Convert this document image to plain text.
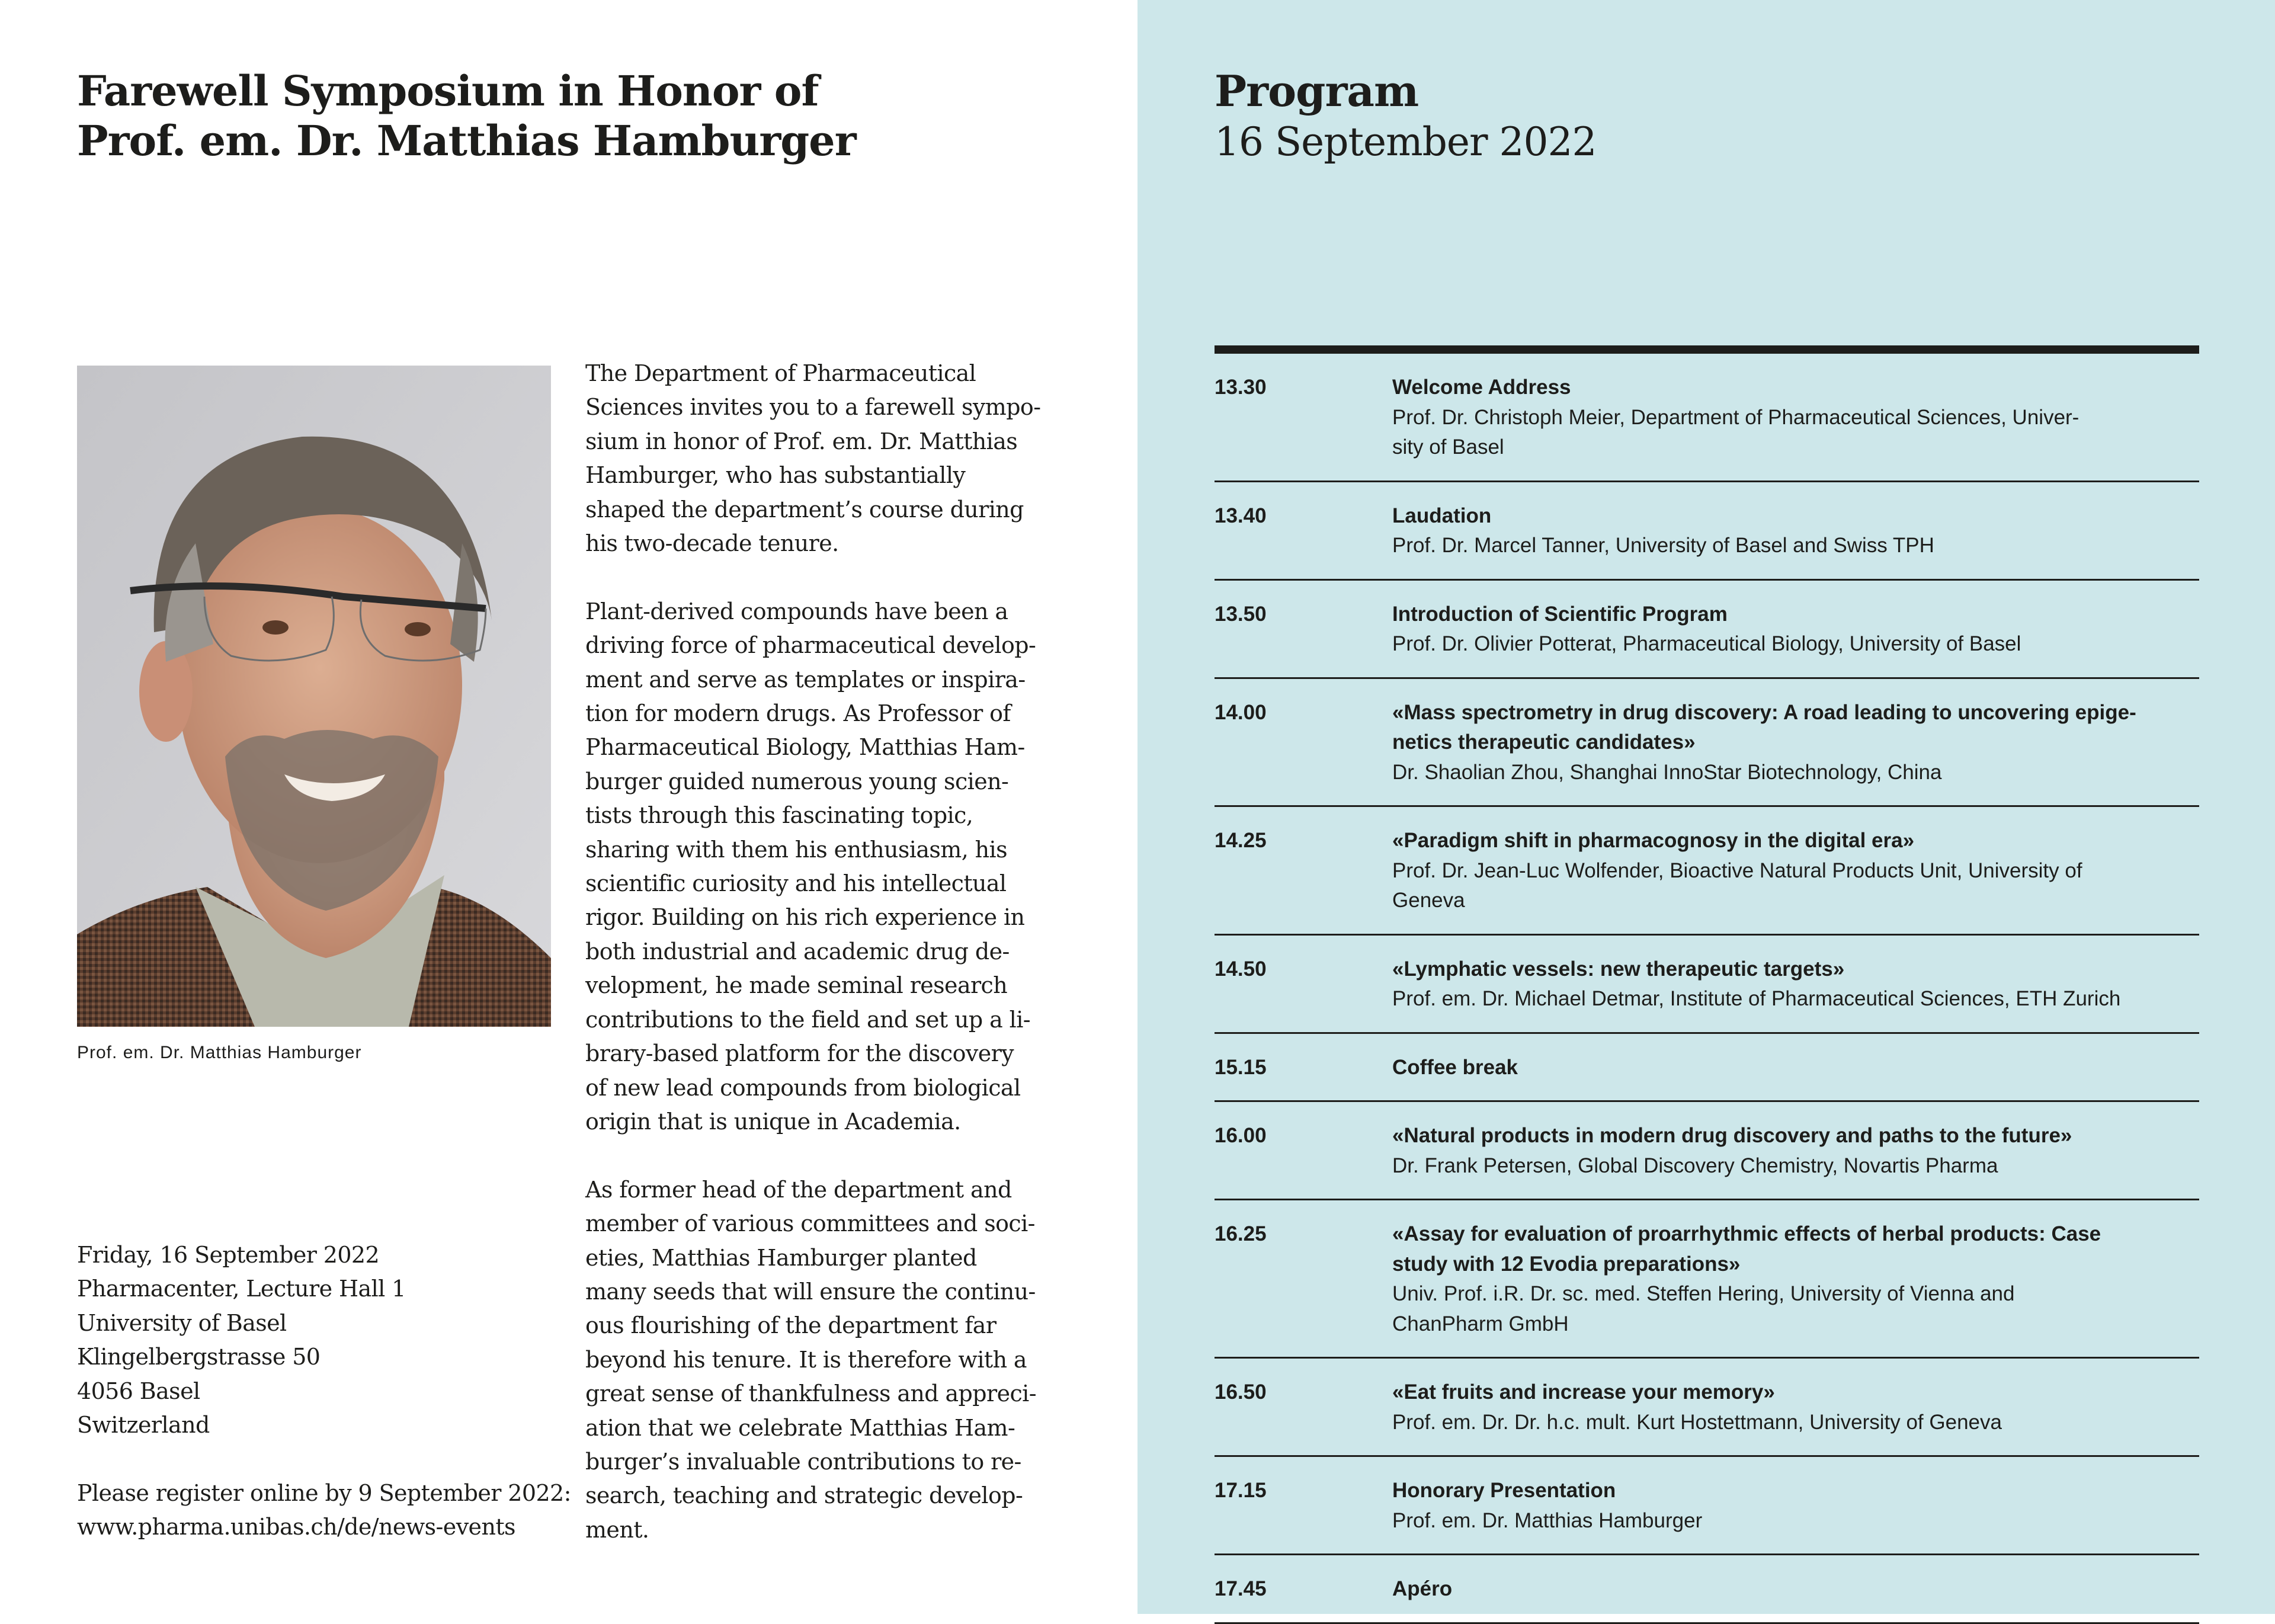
Farewell Symposium in Honor of
Prof. em. Dr. Matthias Hamburger
Prof. em. Dr. Matthias Hamburger

The Department of Pharmaceutical
Sciences invites you to a farewell sympo-
sium in honor of Prof. em. Dr. Matthias
Hamburger, who has substantially
shaped the department’s course during
his two-decade tenure.

Plant-derived compounds have been a
driving force of pharmaceutical develop-
ment and serve as templates or inspira-
tion for modern drugs. As Professor of
Pharmaceutical Biology, Matthias Ham-
burger guided numerous young scien-
tists through this fascinating topic,
sharing with them his enthusiasm, his
scientific curiosity and his intellectual
rigor. Building on his rich experience in
both industrial and academic drug de-
velopment, he made seminal research
contributions to the field and set up a li-
brary-based platform for the discovery
of new lead compounds from biological
origin that is unique in Academia.

As former head of the department and
member of various committees and soci-
eties, Matthias Hamburger planted
many seeds that will ensure the continu-
ous flourishing of the department far
beyond his tenure. It is therefore with a
great sense of thankfulness and appreci-
ation that we celebrate Matthias Ham-
burger’s invaluable contributions to re-
search, teaching and strategic develop-
ment.

Friday, 16 September 2022
Pharmacenter, Lecture Hall 1
University of Basel
Klingelbergstrasse 50
4056 Basel
Switzerland
Please register online by 9 September 2022:
www.pharma.unibas.ch/de/news-events
Program
16 September 2022
13.30	Welcome Address
Prof. Dr. Christoph Meier, Department of Pharmaceutical Sciences, Univer-
sity of Basel
13.40	Laudation
Prof. Dr. Marcel Tanner, University of Basel and Swiss TPH
13.50	Introduction of Scientific Program
Prof. Dr. Olivier Potterat, Pharmaceutical Biology, University of Basel
14.00	«Mass spectrometry in drug discovery: A road leading to uncovering epige-
netics therapeutic candidates»
Dr. Shaolian Zhou, Shanghai InnoStar Biotechnology, China
14.25	«Paradigm shift in pharmacognosy in the digital era»
Prof. Dr. Jean-Luc Wolfender, Bioactive Natural Products Unit, University of
Geneva
14.50	«Lymphatic vessels: new therapeutic targets»
Prof. em. Dr. Michael Detmar, Institute of Pharmaceutical Sciences, ETH Zurich
15.15	Coffee break
16.00	«Natural products in modern drug discovery and paths to the future»
Dr. Frank Petersen, Global Discovery Chemistry, Novartis Pharma
16.25	«Assay for evaluation of proarrhythmic effects of herbal products: Case
study with 12 Evodia preparations»
Univ. Prof. i.R. Dr. sc. med. Steffen Hering, University of Vienna and
ChanPharm GmbH
16.50	«Eat fruits and increase your memory»
Prof. em. Dr. Dr. h.c. mult. Kurt Hostettmann, University of Geneva
17.15	Honorary Presentation
Prof. em. Dr. Matthias Hamburger
17.45	Apéro
